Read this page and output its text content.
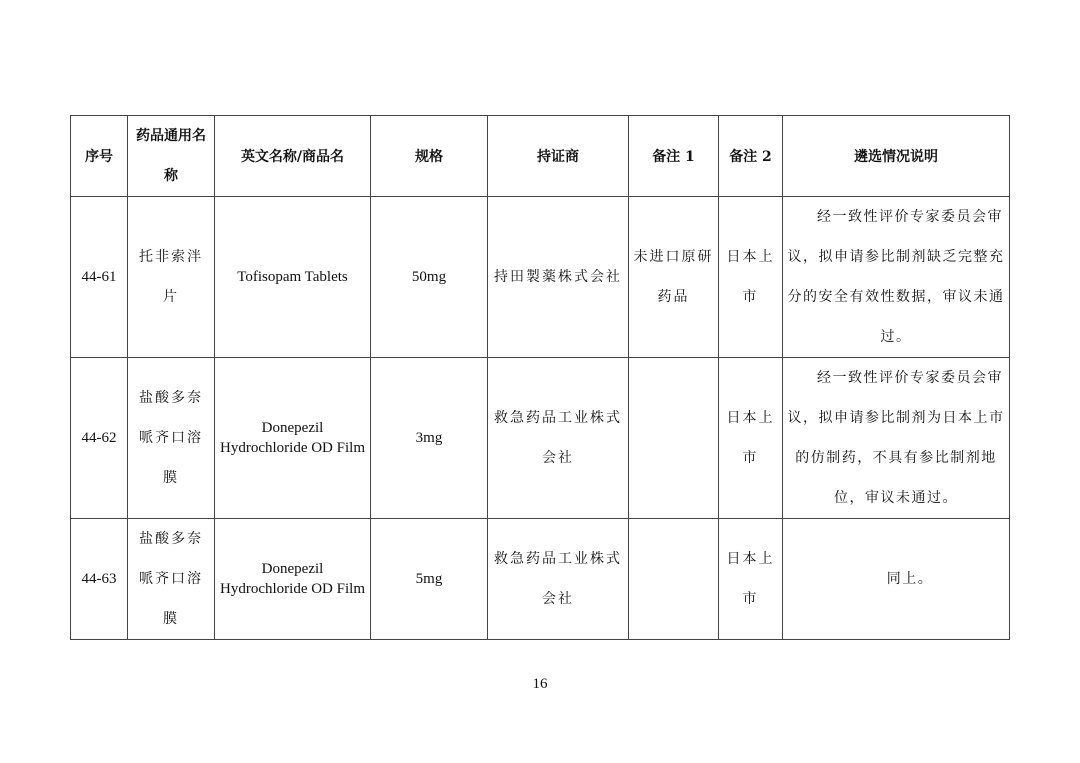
序号	药品通用名称	英文名称/商品名	规格	持证商	备注 1	备注 2	遴选情况说明
44-61	托非索泮片	Tofisopam Tablets	50mg	持田製薬株式会社	未进口原研药品	日本上市	经一致性评价专家委员会审议，拟申请参比制剂缺乏完整充分的安全有效性数据，审议未通过。
44-62	盐酸多奈哌齐口溶膜	Donepezil Hydrochloride OD Film	3mg	救急药品工业株式会社		日本上市	经一致性评价专家委员会审议，拟申请参比制剂为日本上市的仿制药，不具有参比制剂地位，审议未通过。
44-63	盐酸多奈哌齐口溶膜	Donepezil Hydrochloride OD Film	5mg	救急药品工业株式会社		日本上市	同上。
16
